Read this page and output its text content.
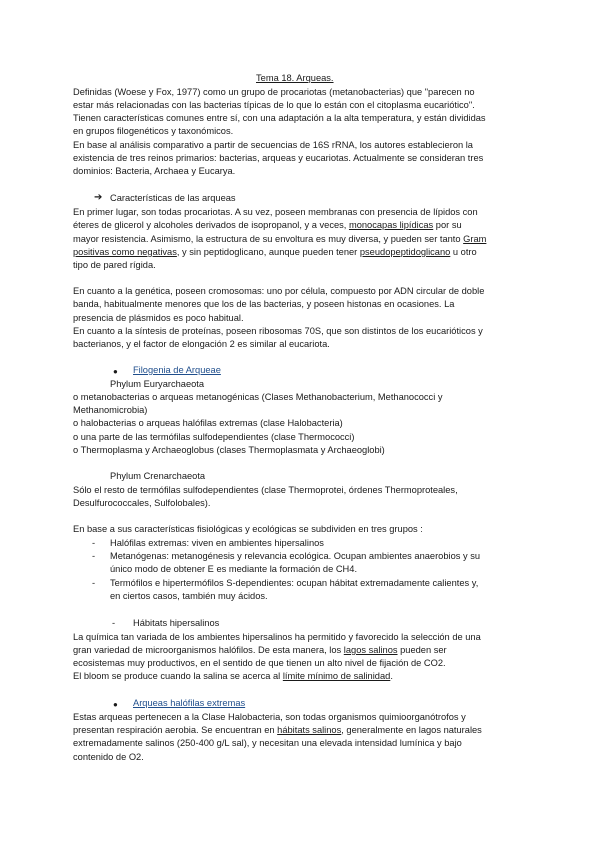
Tema 18. Arqueas.
Definidas (Woese y Fox, 1977) como un grupo de procariotas (metanobacterias) que "parecen no
estar más relacionadas con las bacterias típicas de lo que lo están con el citoplasma eucariótico".
Tienen características comunes entre sí, con una adaptación a la alta temperatura, y están divididas
en grupos filogenéticos y taxonómicos.
En base al análisis comparativo a partir de secuencias de 16S rRNA, los autores establecieron la
existencia de tres reinos primarios: bacterias, arqueas y eucariotas. Actualmente se consideran tres
dominios: Bacteria, Archaea y Eucarya.
➔ Características de las arqueas
En primer lugar, son todas procariotas. A su vez, poseen membranas con presencia de lípidos con
éteres de glicerol y alcoholes derivados de isopropanol, y a veces, monocapas lipídicas por su
mayor resistencia. Asimismo, la estructura de su envoltura es muy diversa, y pueden ser tanto Gram
positivas como negativas, y sin peptidoglicano, aunque pueden tener pseudopeptidoglicano u otro
tipo de pared rígida.
En cuanto a la genética, poseen cromosomas: uno por célula, compuesto por ADN circular de doble
banda, habitualmente menores que los de las bacterias, y poseen histonas en ocasiones. La
presencia de plásmidos es poco habitual.
En cuanto a la síntesis de proteínas, poseen ribosomas 70S, que son distintos de los eucarióticos y
bacterianos, y el factor de elongación 2 es similar al eucariota.
● Filogenia de Arqueae
Phylum Euryarchaeota
o metanobacterias o arqueas metanogénicas (Clases Methanobacterium, Methanococci y
Methanomicrobia)
o halobacterias o arqueas halófilas extremas (clase Halobacteria)
o una parte de las termófilas sulfodependientes (clase Thermococci)
o Thermoplasma y Archaeoglobus (clases Thermoplasmata y Archaeoglobi)
Phylum Crenarchaeota
Sólo el resto de termófilas sulfodependientes (clase Thermoprotei, órdenes Thermoproteales,
Desulfurococcales, Sulfolobales).
En base a sus características fisiológicas y ecológicas se subdividen en tres grupos :
- Halófilas extremas: viven en ambientes hipersalinos
- Metanógenas: metanogénesis y relevancia ecológica. Ocupan ambientes anaerobios y su
único modo de obtener E es mediante la formación de CH4.
- Termófilos e hipertermófilos S-dependientes: ocupan hábitat extremadamente calientes y,
en ciertos casos, también muy ácidos.
- Hábitats hipersalinos
La química tan variada de los ambientes hipersalinos ha permitido y favorecido la selección de una
gran variedad de microorganismos halófilos. De esta manera, los lagos salinos pueden ser
ecosistemas muy productivos, en el sentido de que tienen un alto nivel de fijación de CO2.
El bloom se produce cuando la salina se acerca al límite mínimo de salinidad.
● Arqueas halófilas extremas
Estas arqueas pertenecen a la Clase Halobacteria, son todas organismos quimioorganótrofos y
presentan respiración aerobia. Se encuentran en hábitats salinos, generalmente en lagos naturales
extremadamente salinos (250-400 g/L sal), y necesitan una elevada intensidad lumínica y bajo
contenido de O2.
